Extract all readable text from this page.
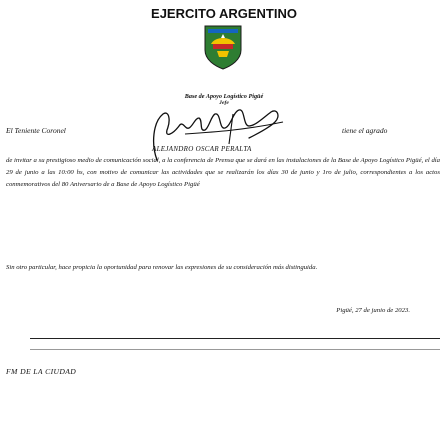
EJERCITO ARGENTINO
Base de Apoyo Logístico Pigüé
Jefe
El Teniente Coronel	tiene el agrado
ALEJANDRO OSCAR PERALTA
de invitar a su prestigioso medio de comunicación social, a la conferencia de Prensa que se dará en las instalaciones de la Base de Apoyo Logístico Pigüé, el día 29 de junio a las 10:00 hs, con motivo de comunicar las actividades que se realizarán los días 30 de junio y 1ro de julio, correspondientes a los actos conmemorativos del 80 Aniversario de a Base de Apoyo Logístico Pigüé
Sin otro particular, hace propicia la oportunidad para renovar las expresiones de su consideración más distinguida.
Pigüé, 27 de junio de 2023.
FM DE LA CIUDAD
